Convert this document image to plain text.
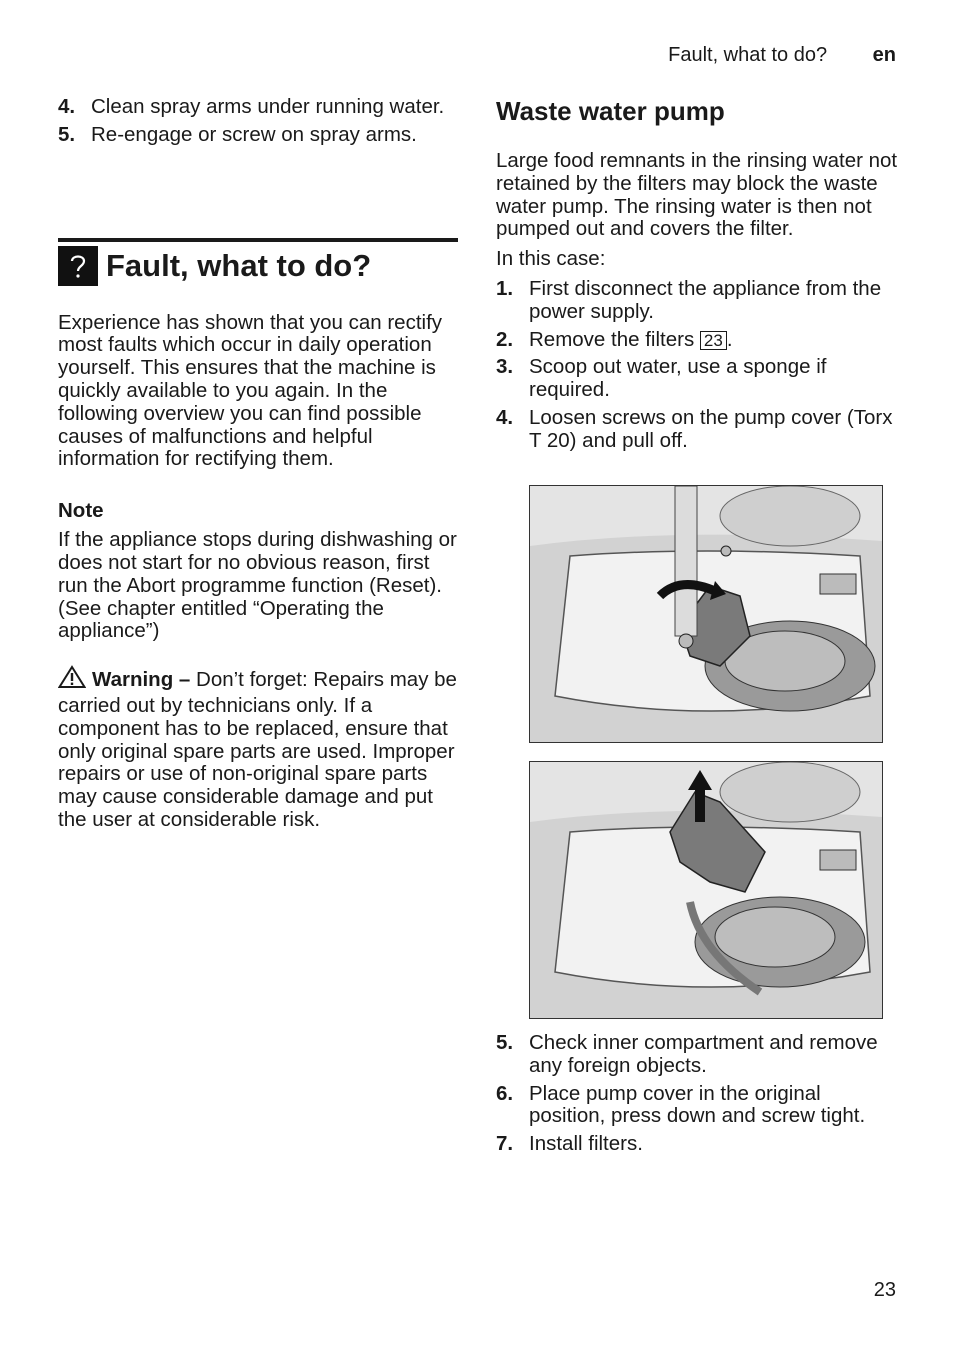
Fault, what to do? en
4. Clean spray arms under running water.
5. Re-engage or screw on spray arms.
Fault, what to do?

Experience has shown that you can rectify most faults which occur in daily operation yourself. This ensures that the machine is quickly available to you again. In the following overview you can find possible causes of malfunctions and helpful information for rectifying them.

Note

If the appliance stops during dishwashing or does not start for no obvious reason, first run the Abort programme function (Reset).

(See chapter entitled “Operating the appliance”)

Warning – Don’t forget: Repairs may be carried out by technicians only. If a component has to be replaced, ensure that only original spare parts are used. Improper repairs or use of non-original spare parts may cause considerable damage and put the user at considerable risk.

Waste water pump

Large food remnants in the rinsing water not retained by the filters may block the waste water pump. The rinsing water is then not pumped out and covers the filter.

In this case:

1. First disconnect the appliance from the power supply.
2. Remove the filters 23 .
3. Scoop out water, use a sponge if required.
4. Loosen screws on the pump cover (Torx T 20) and pull off.
5. Check inner compartment and remove any foreign objects.
6. Place pump cover in the original position, press down and screw tight.
7. Install filters.
23
